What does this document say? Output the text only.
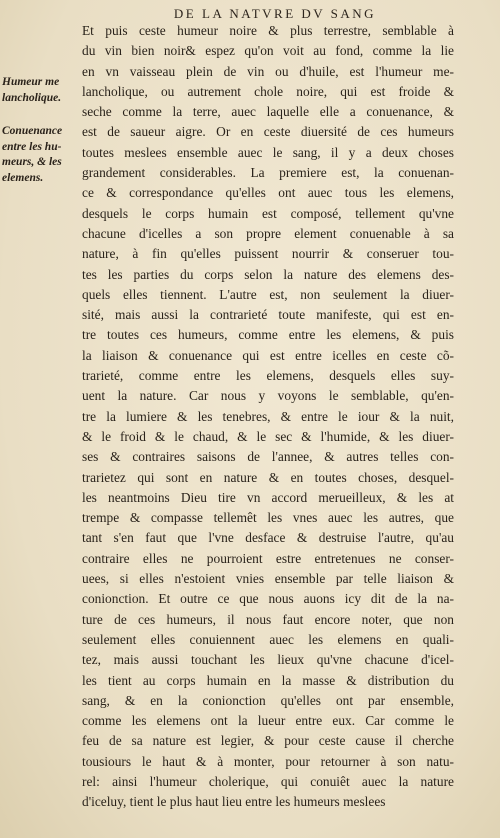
DE LA NATVRE DV SANG
Humeur me
lancholique.
Conuenance
entre les hu-
meurs, & les
elemens.
Et puis ceste humeur noire & plus terrestre, semblable à
du vin bien noir& espez qu'on voit au fond, comme la lie
en vn vaisseau plein de vin ou d'huile, est l'humeur me-
lancholique, ou autrement chole noire, qui est froide &
seche comme la terre, auec laquelle elle a conuenance, &
est de saueur aigre. Or en ceste diuersité de ces humeurs
toutes meslees ensemble auec le sang, il y a deux choses
grandement considerables. La premiere est, la conuenan-
ce & correspondance qu'elles ont auec tous les elemens,
desquels le corps humain est composé, tellement qu'vne
chacune d'icelles a son propre element conuenable à sa
nature, à fin qu'elles puissent nourrir & conseruer tou-
tes les parties du corps selon la nature des elemens des-
quels elles tiennent. L'autre est, non seulement la diuer-
sité, mais aussi la contrarieté toute manifeste, qui est en-
tre toutes ces humeurs, comme entre les elemens, & puis
la liaison & conuenance qui est entre icelles en ceste cõ-
trarieté, comme entre les elemens, desquels elles suy-
uent la nature. Car nous y voyons le semblable, qu'en-
tre la lumiere & les tenebres, & entre le iour & la nuit,
& le froid & le chaud, & le sec & l'humide, & les diuer-
ses & contraires saisons de l'annee, & autres telles con-
trarietez qui sont en nature & en toutes choses, desquel-
les neantmoins Dieu tire vn accord merueilleux, & les at
trempe & compasse tellemêt les vnes auec les autres, que
tant s'en faut que l'vne desface & destruise l'autre, qu'au
contraire elles ne pourroient estre entretenues ne conser-
uees, si elles n'estoient vnies ensemble par telle liaison &
conionction. Et outre ce que nous auons icy dit de la na-
ture de ces humeurs, il nous faut encore noter, que non
seulement elles conuiennent auec les elemens en quali-
tez, mais aussi touchant les lieux qu'vne chacune d'icel-
les tient au corps humain en la masse & distribution du
sang, & en la conionction qu'elles ont par ensemble,
comme les elemens ont la lueur entre eux. Car comme le
feu de sa nature est legier, & pour ceste cause il cherche
tousiours le haut & à monter, pour retourner à son natu-
rel: ainsi l'humeur cholerique, qui conuiêt auec la nature
d'iceluy, tient le plus haut lieu entre les humeurs meslees
